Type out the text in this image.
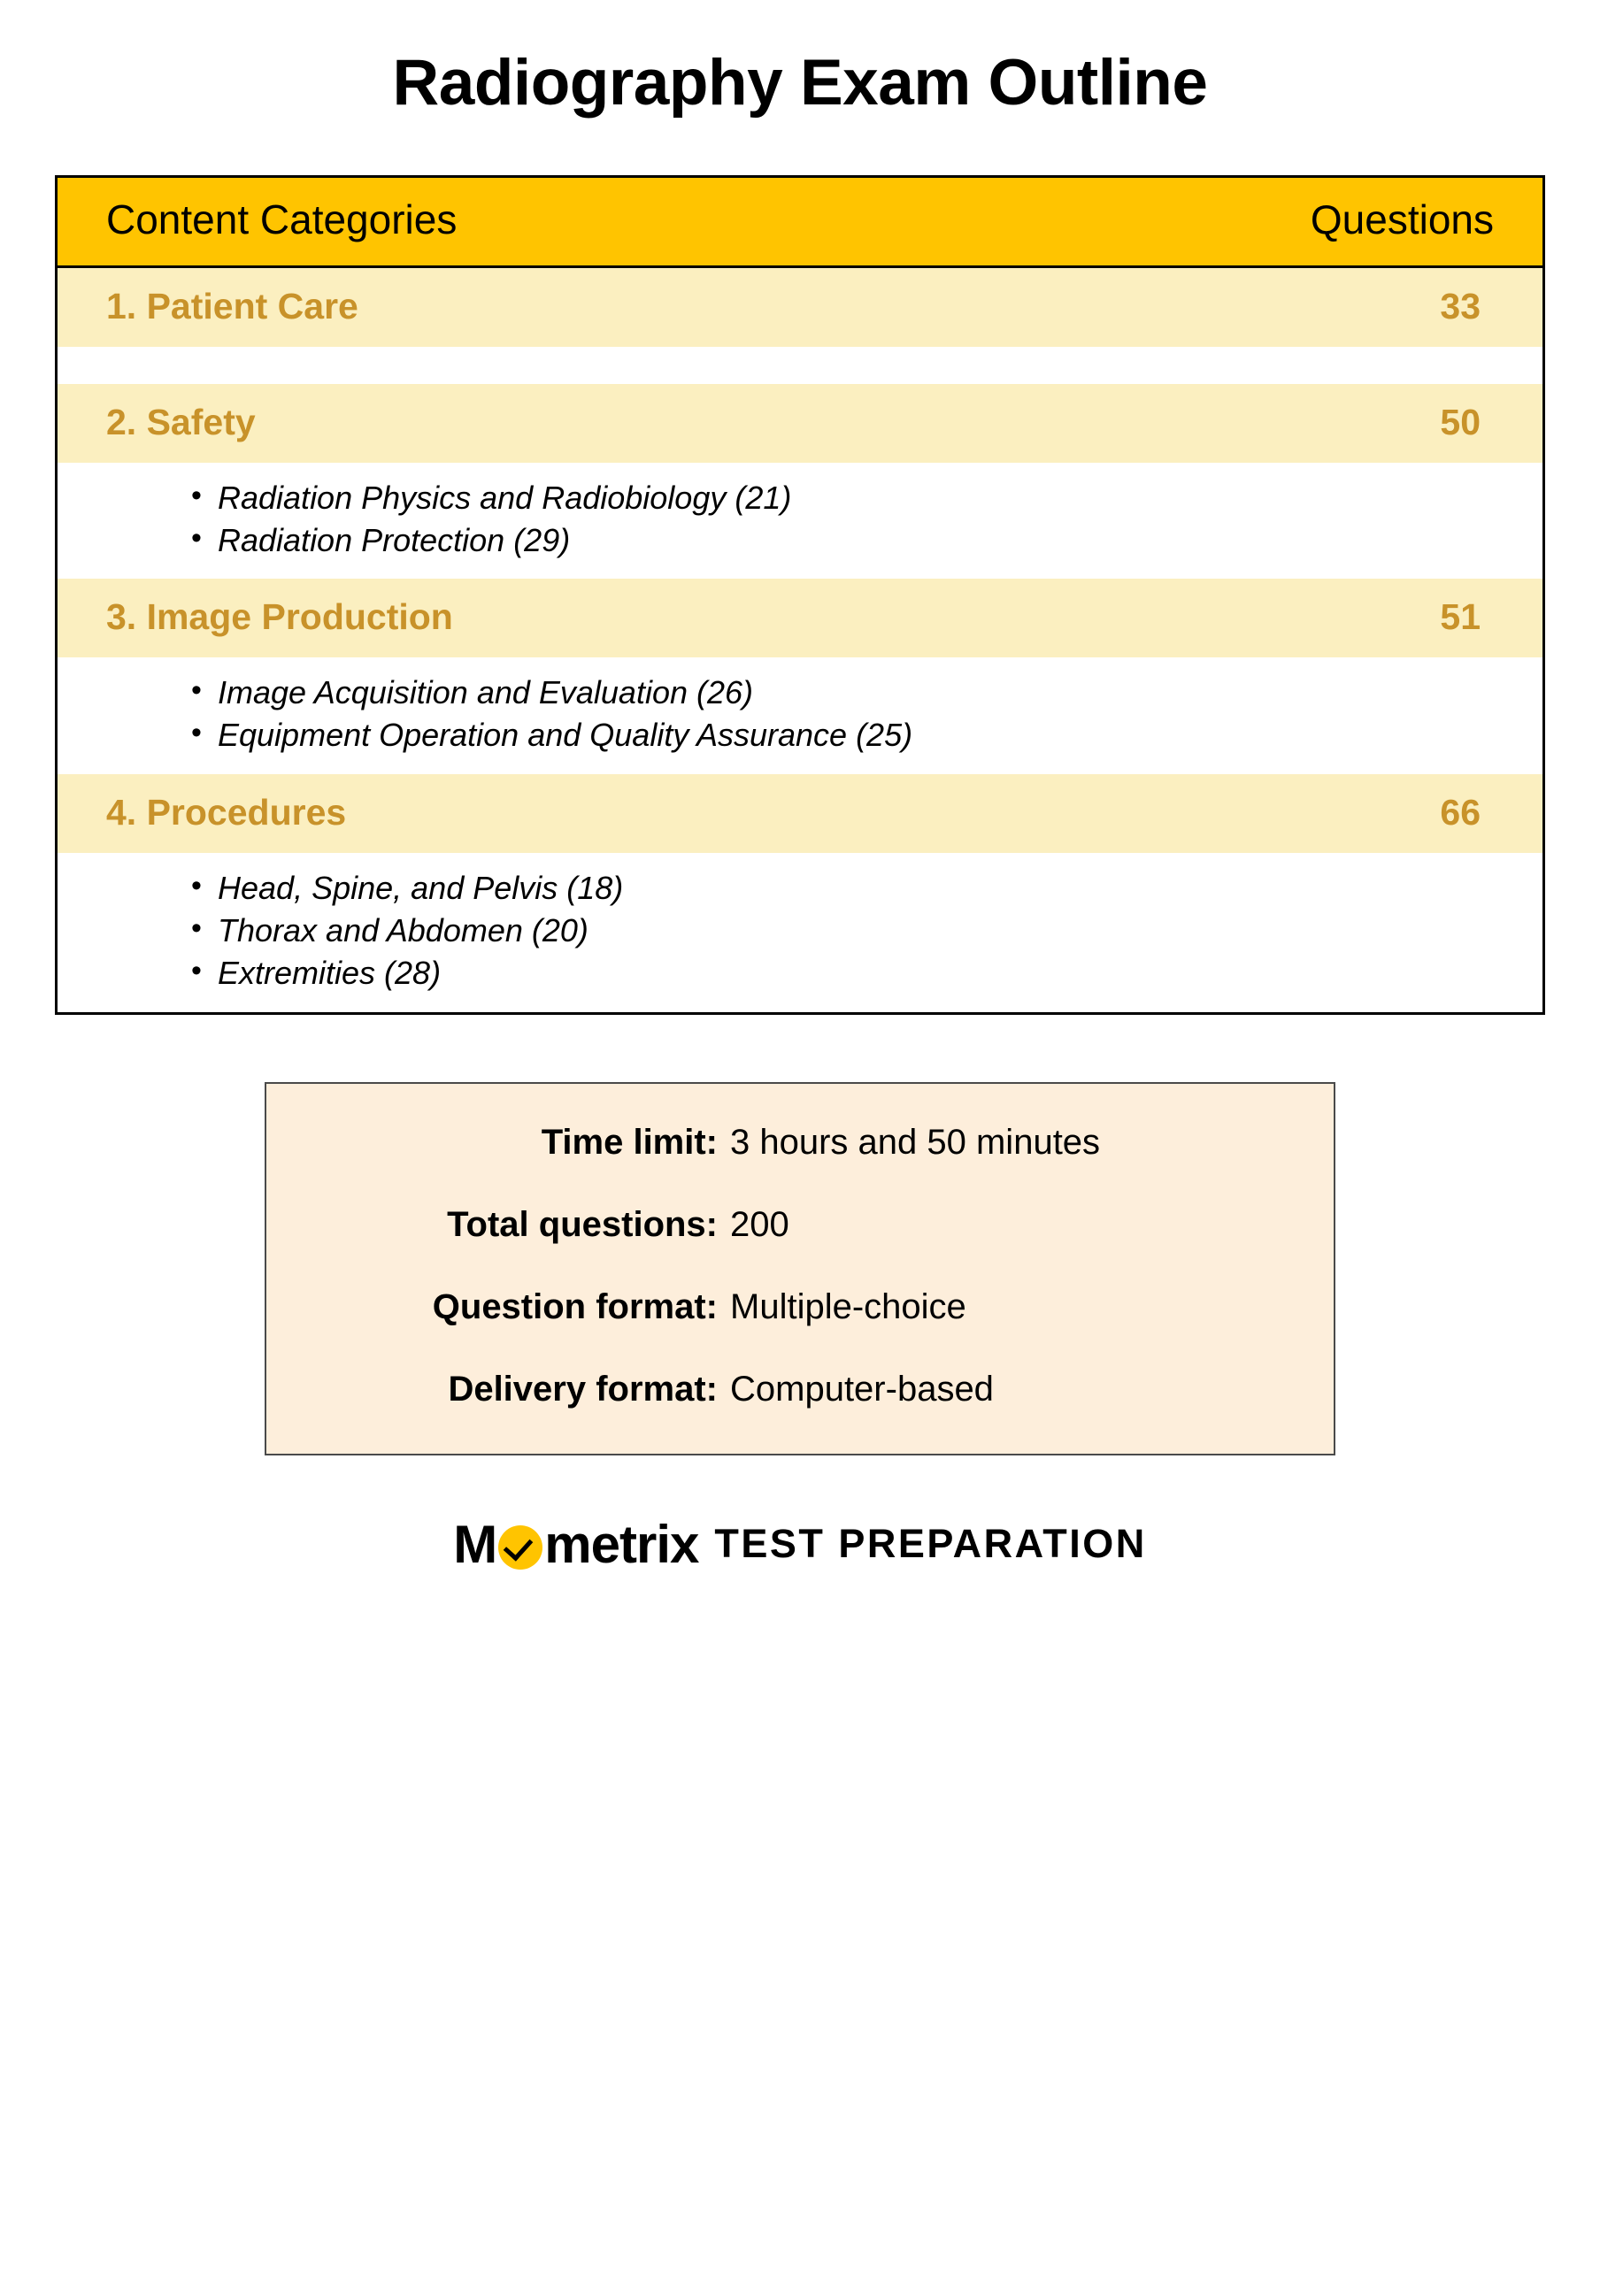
Radiography Exam Outline
Content Categories	Questions
1. Patient Care	33
2. Safety	50
• Radiation Physics and Radiobiology (21)
• Radiation Protection (29)
3. Image Production	51
• Image Acquisition and Evaluation (26)
• Equipment Operation and Quality Assurance (25)
4. Procedures	66
• Head, Spine, and Pelvis (18)
• Thorax and Abdomen (20)
• Extremities (28)
Time limit: 3 hours and 50 minutes
Total questions: 200
Question format: Multiple-choice
Delivery format: Computer-based
M metrix TEST PREPARATION
